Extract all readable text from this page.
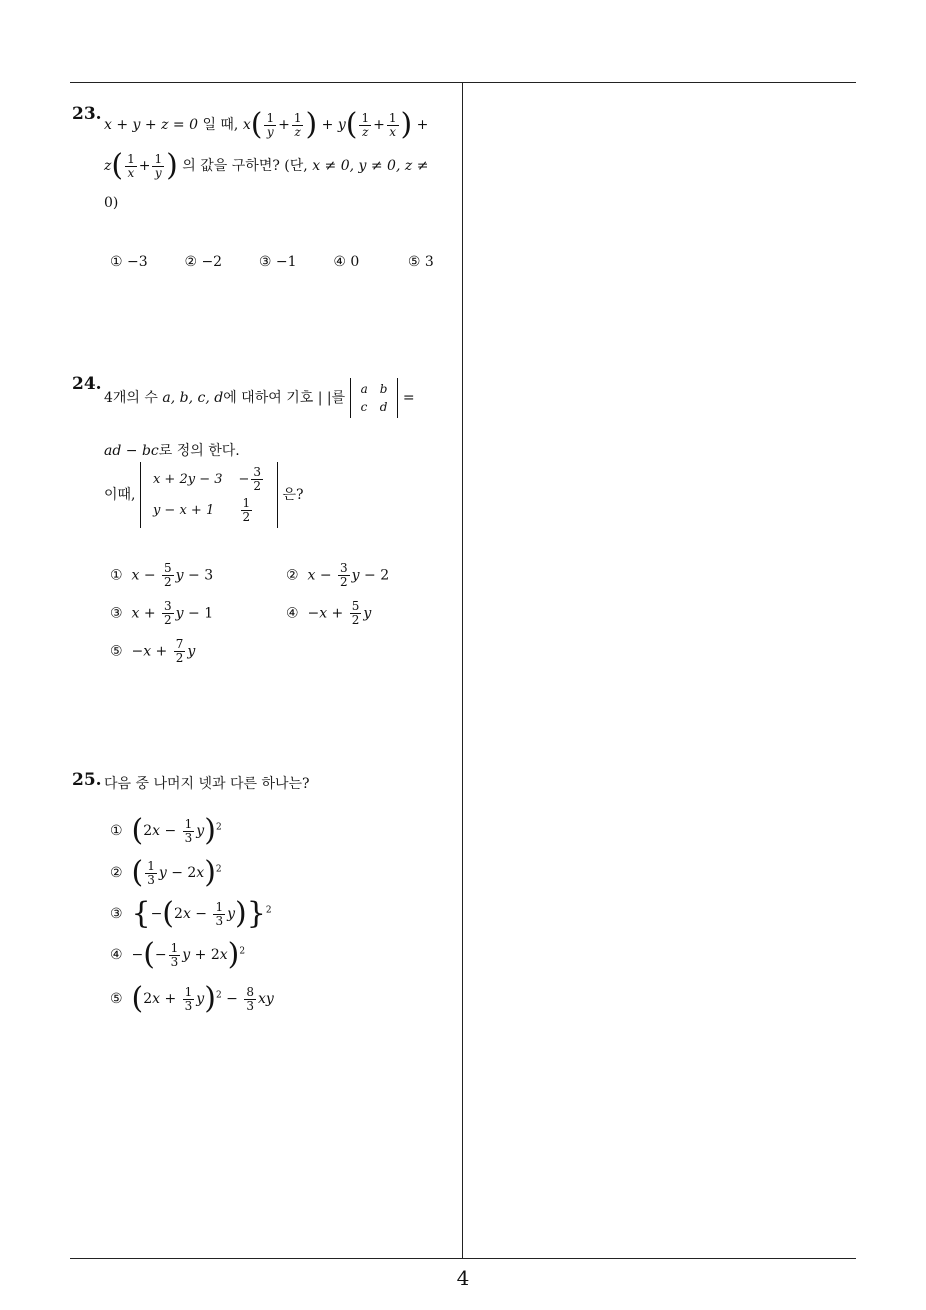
23.
x + y + z = 0 일 때, $x( \frac{1}{y} + \frac{1}{z}$ ) + $y( \frac{1}{z} + \frac{1}{x}$ ) +
$z( \frac{1}{x} + \frac{1}{y}$ ) 의 값을 구하면? (단, x ≠ 0, y ≠ 0, z ≠
0)
① −3	② −2	③ −1	④ 0	⑤ 3
24.
4개의 수 a, b, c, d에 대하여 기호 | |를
a	b
c	d
=
ad − bc로 정의 한다.
이때,
x + 2y − 3	− $\frac{3}{2}$

y − x + 1	$\frac{1}{2}$
은?
① $x - \frac{5}{2}$ y − 3	② $x - \frac{3}{2}$ y − 2
③ $x + \frac{3}{2}$ y − 1	④  $-x + \frac{5}{2}$ y
⑤  $-x + \frac{7}{2}$ y
25. 다음 중 나머지 넷과 다른 하나는?
① $(2x - \frac{1}{3} y)^2$
② ( $\frac{1}{3}$ y − 2x)$^2$
③ $\{-(2x - \frac{1}{3} y)\}^2$
④  −(− $\frac{1}{3}$ y + 2x)$^2$
⑤ $(2x + \frac{1}{3} y)^2 - \frac{8}{3}$ xy
4
